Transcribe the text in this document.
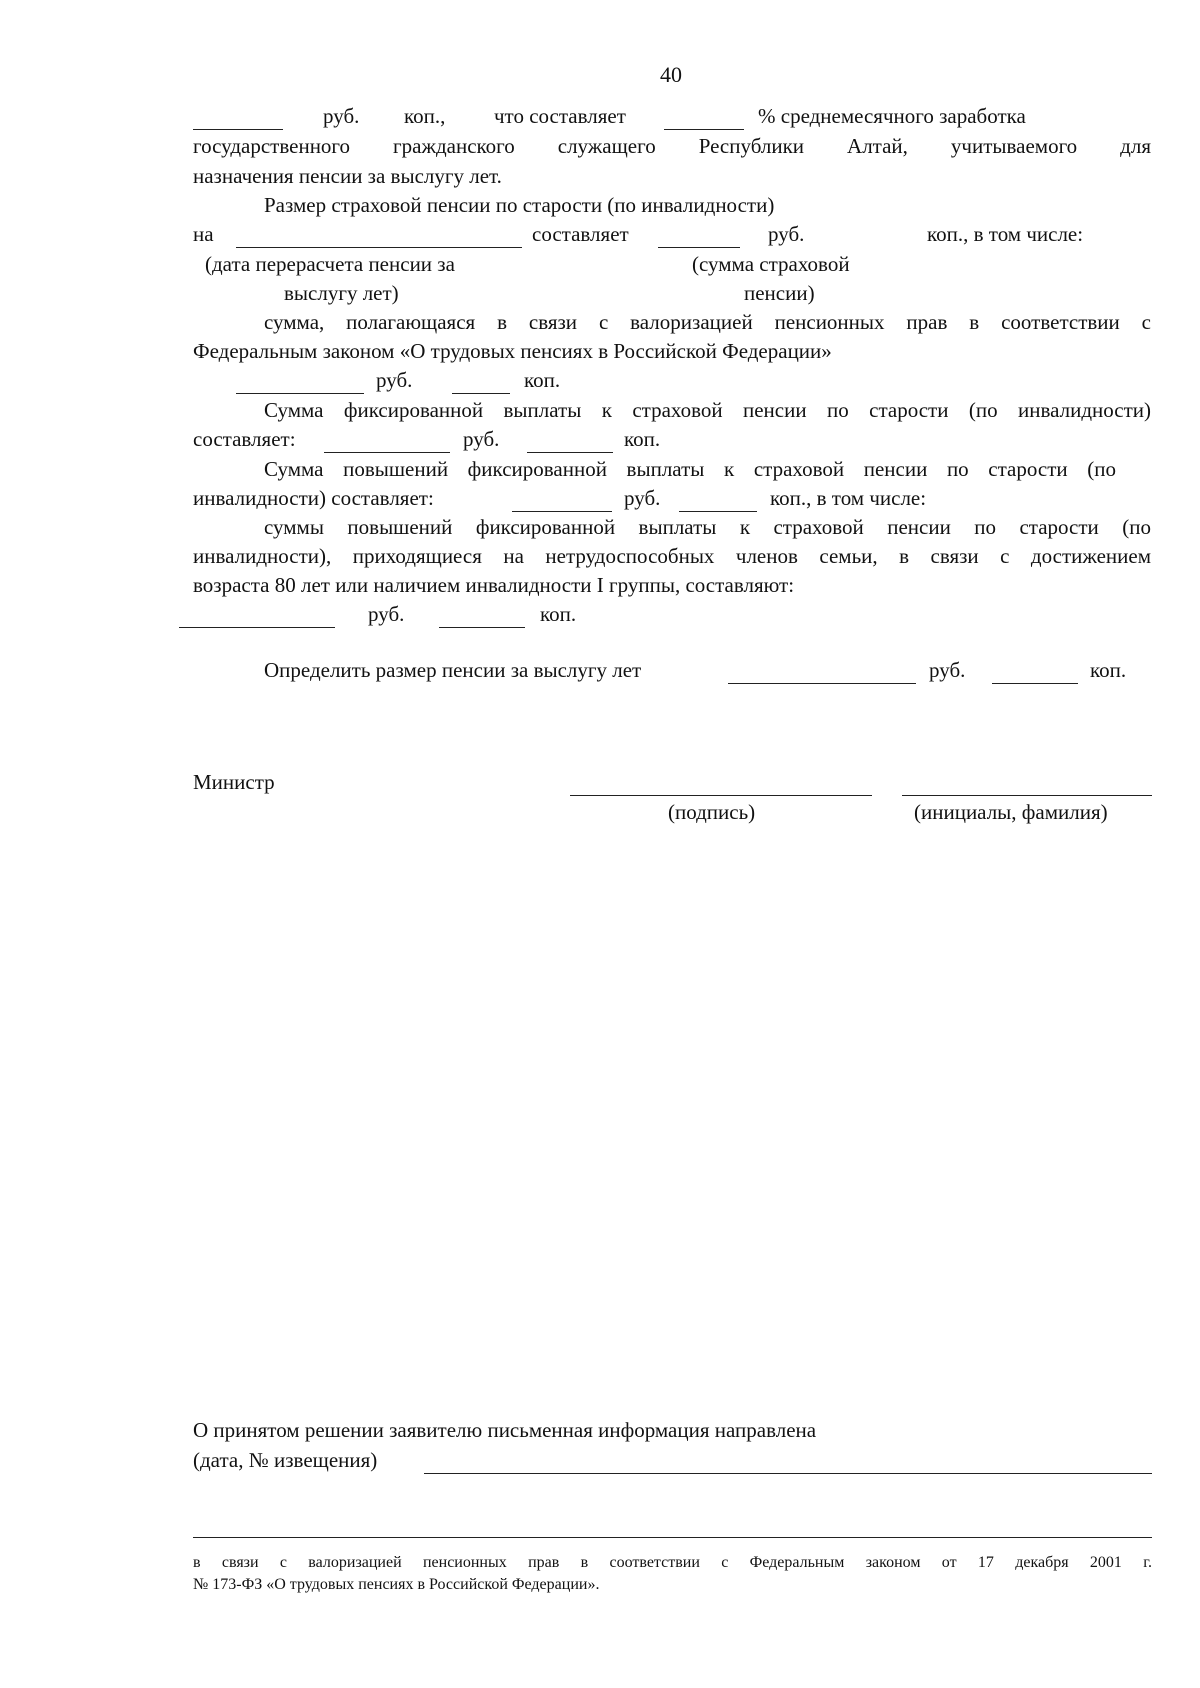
40
руб. коп., что составляет	% среднемесячного заработка
государственного гражданского служащего Республики Алтай, учитываемого для
назначения пенсии за выслугу лет.
Размер страховой пенсии по старости (по инвалидности)
на	составляет	руб.	коп., в том числе:
(дата перерасчета пенсии за
выслугу лет)
(сумма страховой
пенсии)
сумма, полагающаяся в связи с валоризацией пенсионных прав в соответствии с
Федеральным законом «О трудовых пенсиях в Российской Федерации»
руб.	коп.
Сумма фиксированной выплаты к страховой пенсии по старости (по инвалидности)
составляет:	руб.	коп.
Сумма повышений фиксированной выплаты к страховой пенсии по старости (по
инвалидности) составляет:	руб.	коп., в том числе:
суммы повышений фиксированной выплаты к страховой пенсии по старости (по
инвалидности), приходящиеся на нетрудоспособных членов семьи, в связи с достижением
возраста 80 лет или наличием инвалидности I группы, составляют:
руб.	коп.
Определить размер пенсии за выслугу лет	руб.	коп.
Министр
(подпись)	(инициалы, фамилия)
О принятом решении заявителю письменная информация направлена
(дата, № извещения)
в связи с валоризацией пенсионных прав в соответствии с Федеральным законом от 17 декабря 2001 г.
№ 173-ФЗ «О трудовых пенсиях в Российской Федерации».
